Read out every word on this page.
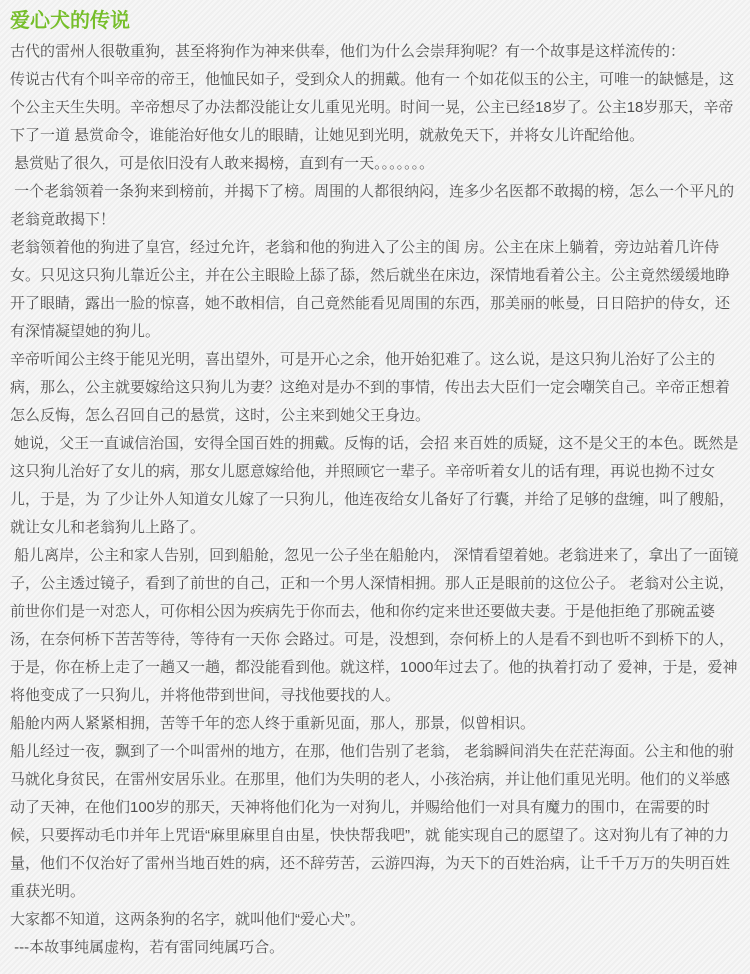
爱心犬的传说

古代的雷州人很敬重狗，甚至将狗作为神来供奉，他们为什么会崇拜狗呢？有一个故事是这样流传的：

传说古代有个叫辛帝的帝王，他恤民如子，受到众人的拥戴。他有一 个如花似玉的公主，可唯一的缺憾是，这个公主天生失明。辛帝想尽了办法都没能让女儿重见光明。时间一晃，公主已经18岁了。公主18岁那天，辛帝下了一道 悬赏命令，谁能治好他女儿的眼睛，让她见到光明，就赦免天下，并将女儿许配给他。

悬赏贴了很久，可是依旧没有人敢来揭榜，直到有一天。。。。。。。

一个老翁领着一条狗来到榜前，并揭下了榜。周围的人都很纳闷，连多少名医都不敢揭的榜，怎么一个平凡的老翁竟敢揭下！

老翁领着他的狗进了皇宫，经过允许，老翁和他的狗进入了公主的闺 房。公主在床上躺着，旁边站着几许侍女。只见这只狗儿靠近公主，并在公主眼睑上舔了舔，然后就坐在床边，深情地看着公主。公主竟然缓缓地睁开了眼睛，露出一脸的惊喜，她不敢相信，自己竟然能看见周围的东西，那美丽的帐曼，日日陪护的侍女，还有深情凝望她的狗儿。

辛帝听闻公主终于能见光明，喜出望外，可是开心之余，他开始犯难了。这么说，是这只狗儿治好了公主的病，那么，公主就要嫁给这只狗儿为妻？这绝对是办不到的事情，传出去大臣们一定会嘲笑自己。辛帝正想着怎么反悔，怎么召回自己的悬赏，这时，公主来到她父王身边。

她说，父王一直诚信治国，安得全国百姓的拥戴。反悔的话，会招 来百姓的质疑，这不是父王的本色。既然是这只狗儿治好了女儿的病，那女儿愿意嫁给他，并照顾它一辈子。辛帝听着女儿的话有理，再说也拗不过女儿，于是，为 了少让外人知道女儿嫁了一只狗儿，他连夜给女儿备好了行囊，并给了足够的盘缠，叫了艘船，就让女儿和老翁狗儿上路了。

船儿离岸，公主和家人告别，回到船舱，忽见一公子坐在船舱内， 深情看望着她。老翁进来了，拿出了一面镜子，公主透过镜子，看到了前世的自己，正和一个男人深情相拥。那人正是眼前的这位公子。 老翁对公主说，前世你们是一对恋人，可你相公因为疾病先于你而去，他和你约定来世还要做夫妻。于是他拒绝了那碗孟婆汤，在奈何桥下苦苦等待，等待有一天你 会路过。可是，没想到，奈何桥上的人是看不到也听不到桥下的人，于是，你在桥上走了一趟又一趟，都没能看到他。就这样，1000年过去了。他的执着打动了 爱神，于是，爱神将他变成了一只狗儿，并将他带到世间，寻找他要找的人。

船舱内两人紧紧相拥，苦等千年的恋人终于重新见面，那人，那景，似曾相识。

船儿经过一夜，飘到了一个叫雷州的地方，在那，他们告别了老翁， 老翁瞬间消失在茫茫海面。公主和他的驸马就化身贫民，在雷州安居乐业。在那里，他们为失明的老人，小孩治病，并让他们重见光明。他们的义举感动了天神，在他们100岁的那天，天神将他们化为一对狗儿，并赐给他们一对具有魔力的围巾，在需要的时候，只要挥动毛巾并年上咒语“麻里麻里自由星，快快帮我吧”，就 能实现自己的愿望了。这对狗儿有了神的力量，他们不仅治好了雷州当地百姓的病，还不辞劳苦，云游四海，为天下的百姓治病，让千千万万的失明百姓重获光明。

大家都不知道，这两条狗的名字，就叫他们“爱心犬”。

---本故事纯属虚构，若有雷同纯属巧合。
